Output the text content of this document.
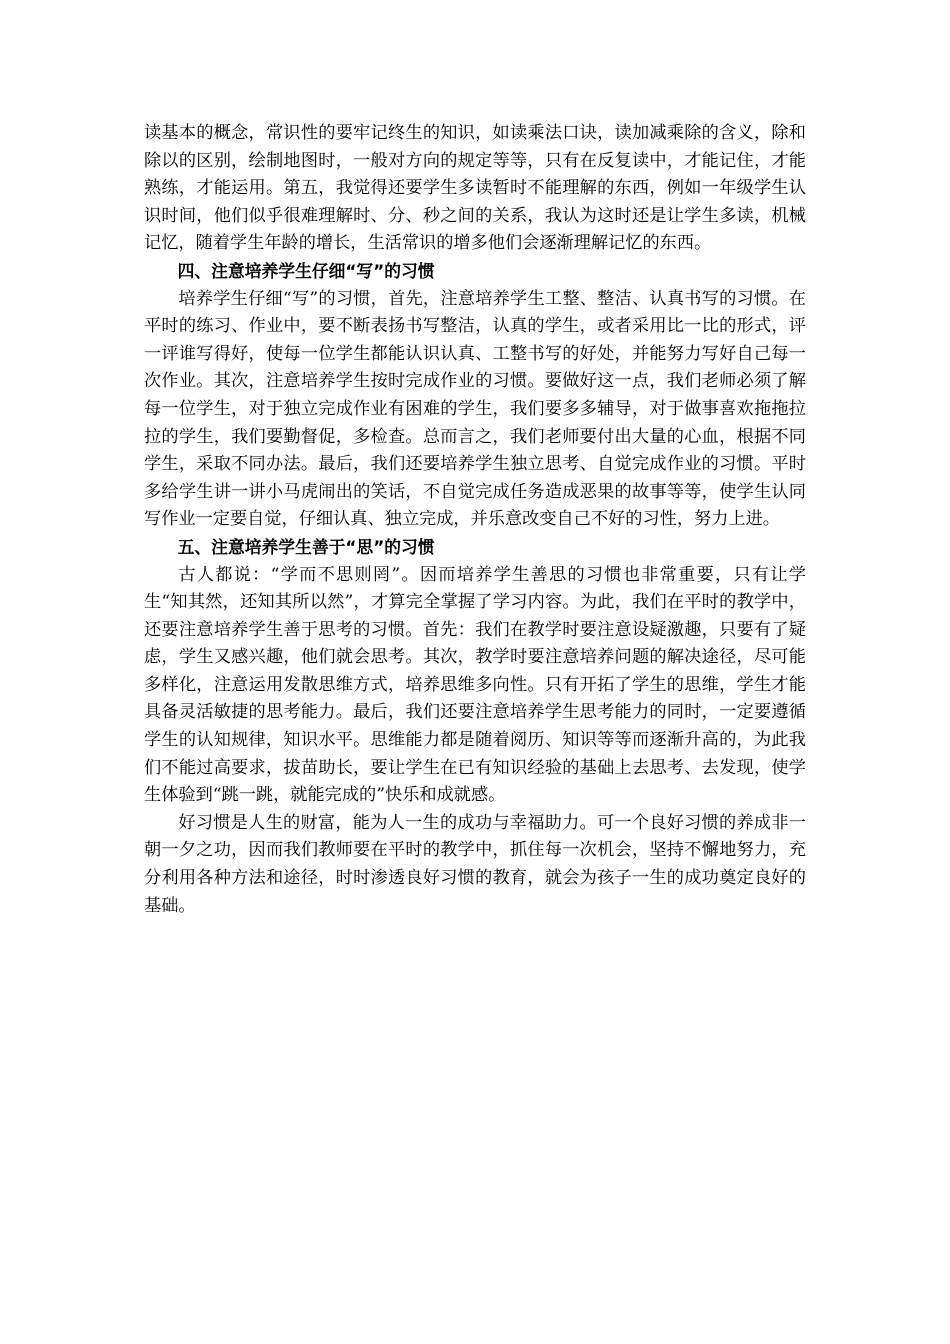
读基本的概念，常识性的要牢记终生的知识，如读乘法口诀，读加减乘除的含义，除和除以的区别，绘制地图时，一般对方向的规定等等，只有在反复读中，才能记住，才能熟练，才能运用。第五，我觉得还要学生多读暂时不能理解的东西，例如一年级学生认识时间，他们似乎很难理解时、分、秒之间的关系，我认为这时还是让学生多读，机械记忆，随着学生年龄的增长，生活常识的增多他们会逐渐理解记忆的东西。

四、注意培养学生仔细“写”的习惯

培养学生仔细“写”的习惯，首先，注意培养学生工整、整洁、认真书写的习惯。在平时的练习、作业中，要不断表扬书写整洁，认真的学生，或者采用比一比的形式，评一评谁写得好，使每一位学生都能认识认真、工整书写的好处，并能努力写好自己每一次作业。其次，注意培养学生按时完成作业的习惯。要做好这一点，我们老师必须了解每一位学生，对于独立完成作业有困难的学生，我们要多多辅导，对于做事喜欢拖拖拉拉的学生，我们要勤督促，多检查。总而言之，我们老师要付出大量的心血，根据不同学生，采取不同办法。最后，我们还要培养学生独立思考、自觉完成作业的习惯。平时多给学生讲一讲小马虎闹出的笑话，不自觉完成任务造成恶果的故事等等，使学生认同写作业一定要自觉，仔细认真、独立完成，并乐意改变自己不好的习性，努力上进。

五、注意培养学生善于“思”的习惯

古人都说：“学而不思则罔”。因而培养学生善思的习惯也非常重要，只有让学生“知其然，还知其所以然”，才算完全掌握了学习内容。为此，我们在平时的教学中，还要注意培养学生善于思考的习惯。首先：我们在教学时要注意设疑激趣，只要有了疑虑，学生又感兴趣，他们就会思考。其次，教学时要注意培养问题的解决途径，尽可能多样化，注意运用发散思维方式，培养思维多向性。只有开拓了学生的思维，学生才能具备灵活敏捷的思考能力。最后，我们还要注意培养学生思考能力的同时，一定要遵循学生的认知规律，知识水平。思维能力都是随着阅历、知识等等而逐渐升高的，为此我们不能过高要求，拔苗助长，要让学生在已有知识经验的基础上去思考、去发现，使学生体验到“跳一跳，就能完成的”快乐和成就感。

好习惯是人生的财富，能为人一生的成功与幸福助力。可一个良好习惯的养成非一朝一夕之功，因而我们教师要在平时的教学中，抓住每一次机会，坚持不懈地努力，充分利用各种方法和途径，时时渗透良好习惯的教育，就会为孩子一生的成功奠定良好的基础。
